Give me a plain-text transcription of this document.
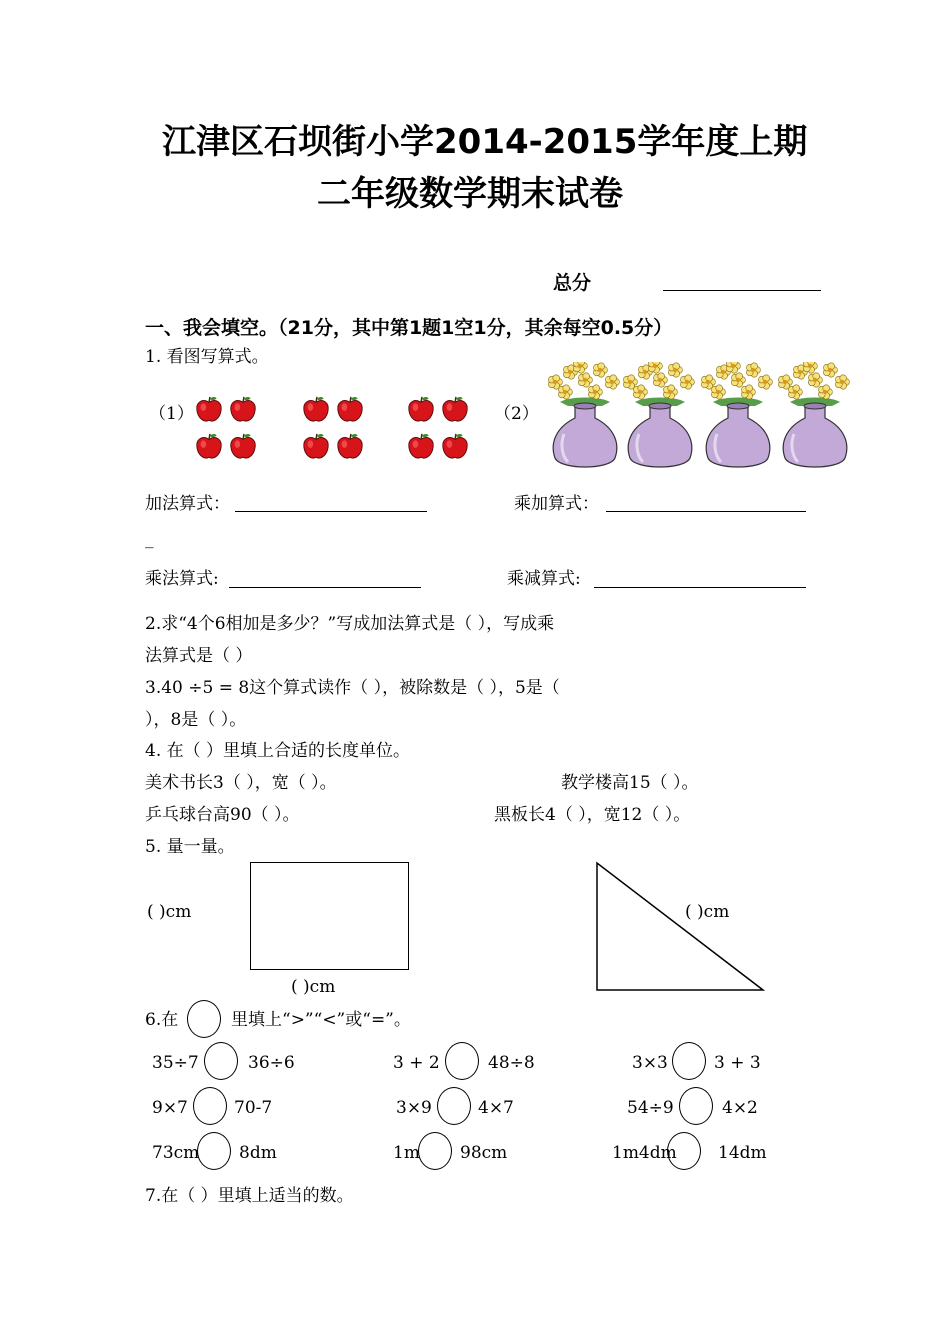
江津区石坝街小学2014-2015学年度上期
二年级数学期末试卷
总分
一、我会填空。（21分，其中第1题1空1分，其余每空0.5分）
1. 看图写算式。
（1）	（2）
加法算式：	乘加算式：
_
乘法算式:	乘减算式:
2.求“4个6相加是多少？”写成加法算式是（ ），写成乘
法算式是（ ）
3.40 ÷5 = 8这个算式读作（ ），被除数是（ ），5是（
），8是（ ）。
4. 在（ ）里填上合适的长度单位。
美术书长3（ ），宽（ ）。	教学楼高15（ ）。
乒乓球台高90（ ）。	黑板长4（ ），宽12（ ）。
5. 量一量。
( )cm
( )cm
( )cm
6.在	里填上“>”“<”或“=”。
35÷7	36÷6	3 + 2	48÷8	3×3	3 + 3
9×7	70-7	3×9	4×7	54÷9	4×2
73cm 8dm	1m 98cm	1m4dm 14dm
7.在（ ）里填上适当的数。
